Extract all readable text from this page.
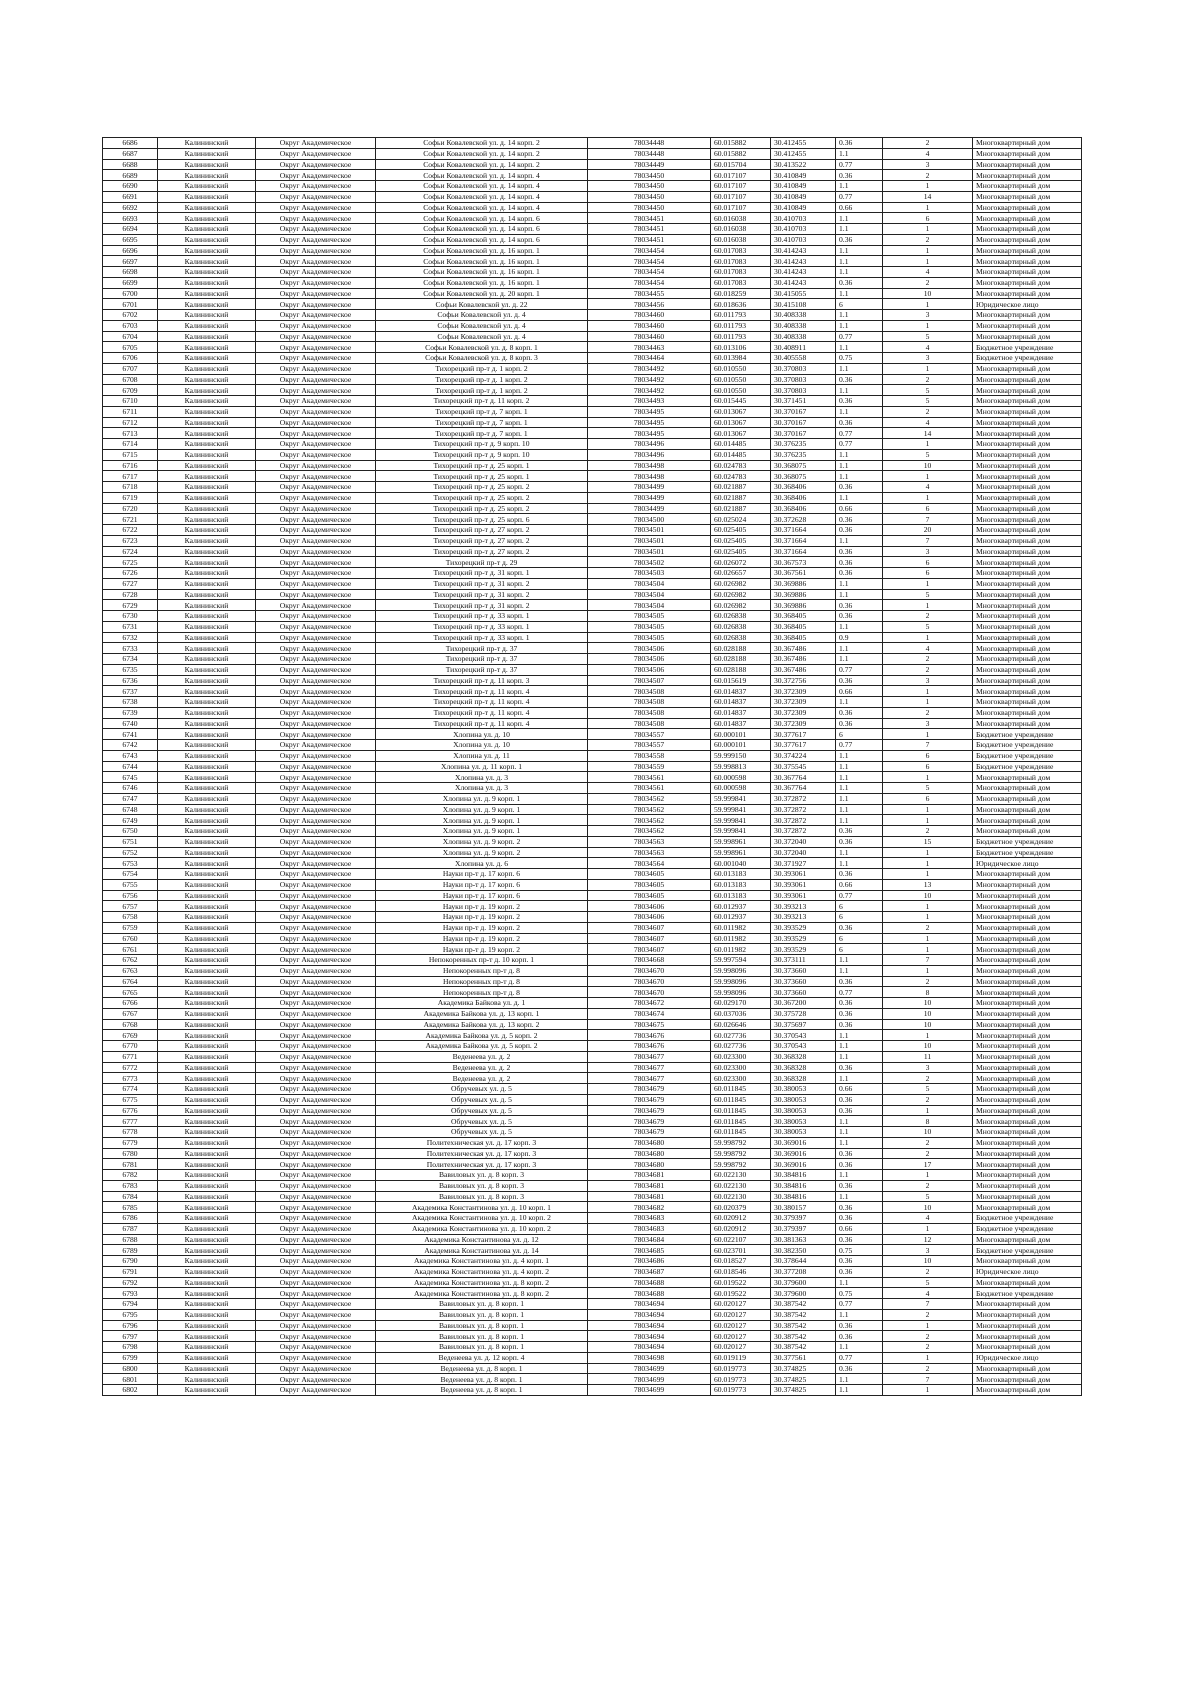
6686	Калининский	Округ Академическое	Софьи Ковалевской ул. д. 14 корп. 2	78034448	60.015882	30.412455	0.36	2	Многоквартирный дом
6687	Калининский	Округ Академическое	Софьи Ковалевской ул. д. 14 корп. 2	78034448	60.015882	30.412455	1.1	4	Многоквартирный дом
6688	Калининский	Округ Академическое	Софьи Ковалевской ул. д. 14 корп. 2	78034449	60.015704	30.413522	0.77	3	Многоквартирный дом
6689	Калининский	Округ Академическое	Софьи Ковалевской ул. д. 14 корп. 4	78034450	60.017107	30.410849	0.36	2	Многоквартирный дом
6690	Калининский	Округ Академическое	Софьи Ковалевской ул. д. 14 корп. 4	78034450	60.017107	30.410849	1.1	1	Многоквартирный дом
6691	Калининский	Округ Академическое	Софьи Ковалевской ул. д. 14 корп. 4	78034450	60.017107	30.410849	0.77	14	Многоквартирный дом
6692	Калининский	Округ Академическое	Софьи Ковалевской ул. д. 14 корп. 4	78034450	60.017107	30.410849	0.66	1	Многоквартирный дом
6693	Калининский	Округ Академическое	Софьи Ковалевской ул. д. 14 корп. 6	78034451	60.016038	30.410703	1.1	6	Многоквартирный дом
6694	Калининский	Округ Академическое	Софьи Ковалевской ул. д. 14 корп. 6	78034451	60.016038	30.410703	1.1	1	Многоквартирный дом
6695	Калининский	Округ Академическое	Софьи Ковалевской ул. д. 14 корп. 6	78034451	60.016038	30.410703	0.36	2	Многоквартирный дом
6696	Калининский	Округ Академическое	Софьи Ковалевской ул. д. 16 корп. 1	78034454	60.017083	30.414243	1.1	1	Многоквартирный дом
6697	Калининский	Округ Академическое	Софьи Ковалевской ул. д. 16 корп. 1	78034454	60.017083	30.414243	1.1	1	Многоквартирный дом
6698	Калининский	Округ Академическое	Софьи Ковалевской ул. д. 16 корп. 1	78034454	60.017083	30.414243	1.1	4	Многоквартирный дом
6699	Калининский	Округ Академическое	Софьи Ковалевской ул. д. 16 корп. 1	78034454	60.017083	30.414243	0.36	2	Многоквартирный дом
6700	Калининский	Округ Академическое	Софьи Ковалевской ул. д. 20 корп. 1	78034455	60.018259	30.415055	1.1	10	Многоквартирный дом
6701	Калининский	Округ Академическое	Софьи Ковалевской ул. д. 22	78034456	60.018636	30.415108	6	1	Юридическое лицо
6702	Калининский	Округ Академическое	Софьи Ковалевской ул. д. 4	78034460	60.011793	30.408338	1.1	3	Многоквартирный дом
6703	Калининский	Округ Академическое	Софьи Ковалевской ул. д. 4	78034460	60.011793	30.408338	1.1	1	Многоквартирный дом
6704	Калининский	Округ Академическое	Софьи Ковалевской ул. д. 4	78034460	60.011793	30.408338	0.77	5	Многоквартирный дом
6705	Калининский	Округ Академическое	Софьи Ковалевской ул. д. 8 корп. 1	78034463	60.013106	30.408911	1.1	4	Бюджетное учреждение
6706	Калининский	Округ Академическое	Софьи Ковалевской ул. д. 8 корп. 3	78034464	60.013984	30.405558	0.75	3	Бюджетное учреждение
6707	Калининский	Округ Академическое	Тихорецкий пр-т д. 1 корп. 2	78034492	60.010550	30.370803	1.1	1	Многоквартирный дом
6708	Калининский	Округ Академическое	Тихорецкий пр-т д. 1 корп. 2	78034492	60.010550	30.370803	0.36	2	Многоквартирный дом
6709	Калининский	Округ Академическое	Тихорецкий пр-т д. 1 корп. 2	78034492	60.010550	30.370803	1.1	5	Многоквартирный дом
6710	Калининский	Округ Академическое	Тихорецкий пр-т д. 11 корп. 2	78034493	60.015445	30.371451	0.36	5	Многоквартирный дом
6711	Калининский	Округ Академическое	Тихорецкий пр-т д. 7 корп. 1	78034495	60.013067	30.370167	1.1	2	Многоквартирный дом
6712	Калининский	Округ Академическое	Тихорецкий пр-т д. 7 корп. 1	78034495	60.013067	30.370167	0.36	4	Многоквартирный дом
6713	Калининский	Округ Академическое	Тихорецкий пр-т д. 7 корп. 1	78034495	60.013067	30.370167	0.77	14	Многоквартирный дом
6714	Калининский	Округ Академическое	Тихорецкий пр-т д. 9 корп. 10	78034496	60.014485	30.376235	0.77	1	Многоквартирный дом
6715	Калининский	Округ Академическое	Тихорецкий пр-т д. 9 корп. 10	78034496	60.014485	30.376235	1.1	5	Многоквартирный дом
6716	Калининский	Округ Академическое	Тихорецкий пр-т д. 25 корп. 1	78034498	60.024783	30.368075	1.1	10	Многоквартирный дом
6717	Калининский	Округ Академическое	Тихорецкий пр-т д. 25 корп. 1	78034498	60.024783	30.368075	1.1	1	Многоквартирный дом
6718	Калининский	Округ Академическое	Тихорецкий пр-т д. 25 корп. 2	78034499	60.021887	30.368406	0.36	4	Многоквартирный дом
6719	Калининский	Округ Академическое	Тихорецкий пр-т д. 25 корп. 2	78034499	60.021887	30.368406	1.1	1	Многоквартирный дом
6720	Калининский	Округ Академическое	Тихорецкий пр-т д. 25 корп. 2	78034499	60.021887	30.368406	0.66	6	Многоквартирный дом
6721	Калининский	Округ Академическое	Тихорецкий пр-т д. 25 корп. 6	78034500	60.025024	30.372628	0.36	7	Многоквартирный дом
6722	Калининский	Округ Академическое	Тихорецкий пр-т д. 27 корп. 2	78034501	60.025405	30.371664	0.36	20	Многоквартирный дом
6723	Калининский	Округ Академическое	Тихорецкий пр-т д. 27 корп. 2	78034501	60.025405	30.371664	1.1	7	Многоквартирный дом
6724	Калининский	Округ Академическое	Тихорецкий пр-т д. 27 корп. 2	78034501	60.025405	30.371664	0.36	3	Многоквартирный дом
6725	Калининский	Округ Академическое	Тихорецкий пр-т д. 29	78034502	60.026072	30.367573	0.36	6	Многоквартирный дом
6726	Калининский	Округ Академическое	Тихорецкий пр-т д. 31 корп. 1	78034503	60.026657	30.367561	0.36	6	Многоквартирный дом
6727	Калининский	Округ Академическое	Тихорецкий пр-т д. 31 корп. 2	78034504	60.026982	30.369886	1.1	1	Многоквартирный дом
6728	Калининский	Округ Академическое	Тихорецкий пр-т д. 31 корп. 2	78034504	60.026982	30.369886	1.1	5	Многоквартирный дом
6729	Калининский	Округ Академическое	Тихорецкий пр-т д. 31 корп. 2	78034504	60.026982	30.369886	0.36	1	Многоквартирный дом
6730	Калининский	Округ Академическое	Тихорецкий пр-т д. 33 корп. 1	78034505	60.026838	30.368405	0.36	2	Многоквартирный дом
6731	Калининский	Округ Академическое	Тихорецкий пр-т д. 33 корп. 1	78034505	60.026838	30.368405	1.1	5	Многоквартирный дом
6732	Калининский	Округ Академическое	Тихорецкий пр-т д. 33 корп. 1	78034505	60.026838	30.368405	0.9	1	Многоквартирный дом
6733	Калининский	Округ Академическое	Тихорецкий пр-т д. 37	78034506	60.028188	30.367486	1.1	4	Многоквартирный дом
6734	Калининский	Округ Академическое	Тихорецкий пр-т д. 37	78034506	60.028188	30.367486	1.1	2	Многоквартирный дом
6735	Калининский	Округ Академическое	Тихорецкий пр-т д. 37	78034506	60.028188	30.367486	0.77	2	Многоквартирный дом
6736	Калининский	Округ Академическое	Тихорецкий пр-т д. 11 корп. 3	78034507	60.015619	30.372756	0.36	3	Многоквартирный дом
6737	Калининский	Округ Академическое	Тихорецкий пр-т д. 11 корп. 4	78034508	60.014837	30.372309	0.66	1	Многоквартирный дом
6738	Калининский	Округ Академическое	Тихорецкий пр-т д. 11 корп. 4	78034508	60.014837	30.372309	1.1	1	Многоквартирный дом
6739	Калининский	Округ Академическое	Тихорецкий пр-т д. 11 корп. 4	78034508	60.014837	30.372309	0.36	2	Многоквартирный дом
6740	Калининский	Округ Академическое	Тихорецкий пр-т д. 11 корп. 4	78034508	60.014837	30.372309	0.36	3	Многоквартирный дом
6741	Калининский	Округ Академическое	Хлопина ул. д. 10	78034557	60.000101	30.377617	6	1	Бюджетное учреждение
6742	Калининский	Округ Академическое	Хлопина ул. д. 10	78034557	60.000101	30.377617	0.77	7	Бюджетное учреждение
6743	Калининский	Округ Академическое	Хлопина ул. д. 11	78034558	59.999150	30.374224	1.1	6	Бюджетное учреждение
6744	Калининский	Округ Академическое	Хлопина ул. д. 11 корп. 1	78034559	59.998813	30.375545	1.1	6	Бюджетное учреждение
6745	Калининский	Округ Академическое	Хлопина ул. д. 3	78034561	60.000598	30.367764	1.1	1	Многоквартирный дом
6746	Калининский	Округ Академическое	Хлопина ул. д. 3	78034561	60.000598	30.367764	1.1	5	Многоквартирный дом
6747	Калининский	Округ Академическое	Хлопина ул. д. 9 корп. 1	78034562	59.999841	30.372872	1.1	6	Многоквартирный дом
6748	Калининский	Округ Академическое	Хлопина ул. д. 9 корп. 1	78034562	59.999841	30.372872	1.1	1	Многоквартирный дом
6749	Калининский	Округ Академическое	Хлопина ул. д. 9 корп. 1	78034562	59.999841	30.372872	1.1	1	Многоквартирный дом
6750	Калининский	Округ Академическое	Хлопина ул. д. 9 корп. 1	78034562	59.999841	30.372872	0.36	2	Многоквартирный дом
6751	Калининский	Округ Академическое	Хлопина ул. д. 9 корп. 2	78034563	59.998961	30.372040	0.36	15	Бюджетное учреждение
6752	Калининский	Округ Академическое	Хлопина ул. д. 9 корп. 2	78034563	59.998961	30.372040	1.1	1	Бюджетное учреждение
6753	Калининский	Округ Академическое	Хлопина ул. д. 6	78034564	60.001040	30.371927	1.1	1	Юридическое лицо
6754	Калининский	Округ Академическое	Науки пр-т д. 17 корп. 6	78034605	60.013183	30.393061	0.36	1	Многоквартирный дом
6755	Калининский	Округ Академическое	Науки пр-т д. 17 корп. 6	78034605	60.013183	30.393061	0.66	13	Многоквартирный дом
6756	Калининский	Округ Академическое	Науки пр-т д. 17 корп. 6	78034605	60.013183	30.393061	0.77	10	Многоквартирный дом
6757	Калининский	Округ Академическое	Науки пр-т д. 19 корп. 2	78034606	60.012937	30.393213	6	1	Многоквартирный дом
6758	Калининский	Округ Академическое	Науки пр-т д. 19 корп. 2	78034606	60.012937	30.393213	6	1	Многоквартирный дом
6759	Калининский	Округ Академическое	Науки пр-т д. 19 корп. 2	78034607	60.011982	30.393529	0.36	2	Многоквартирный дом
6760	Калининский	Округ Академическое	Науки пр-т д. 19 корп. 2	78034607	60.011982	30.393529	6	1	Многоквартирный дом
6761	Калининский	Округ Академическое	Науки пр-т д. 19 корп. 2	78034607	60.011982	30.393529	6	1	Многоквартирный дом
6762	Калининский	Округ Академическое	Непокоренных пр-т д. 10 корп. 1	78034668	59.997594	30.373111	1.1	7	Многоквартирный дом
6763	Калининский	Округ Академическое	Непокоренных пр-т д. 8	78034670	59.998096	30.373660	1.1	1	Многоквартирный дом
6764	Калининский	Округ Академическое	Непокоренных пр-т д. 8	78034670	59.998096	30.373660	0.36	2	Многоквартирный дом
6765	Калининский	Округ Академическое	Непокоренных пр-т д. 8	78034670	59.998096	30.373660	0.77	8	Многоквартирный дом
6766	Калининский	Округ Академическое	Академика Байкова ул. д. 1	78034672	60.029170	30.367200	0.36	10	Многоквартирный дом
6767	Калининский	Округ Академическое	Академика Байкова ул. д. 13 корп. 1	78034674	60.037036	30.375728	0.36	10	Многоквартирный дом
6768	Калининский	Округ Академическое	Академика Байкова ул. д. 13 корп. 2	78034675	60.026646	30.375697	0.36	10	Многоквартирный дом
6769	Калининский	Округ Академическое	Академика Байкова ул. д. 5 корп. 2	78034676	60.027736	30.370543	1.1	1	Многоквартирный дом
6770	Калининский	Округ Академическое	Академика Байкова ул. д. 5 корп. 2	78034676	60.027736	30.370543	1.1	10	Многоквартирный дом
6771	Калининский	Округ Академическое	Веденеева ул. д. 2	78034677	60.023300	30.368328	1.1	11	Многоквартирный дом
6772	Калининский	Округ Академическое	Веденеева ул. д. 2	78034677	60.023300	30.368328	0.36	3	Многоквартирный дом
6773	Калининский	Округ Академическое	Веденеева ул. д. 2	78034677	60.023300	30.368328	1.1	2	Многоквартирный дом
6774	Калининский	Округ Академическое	Обручевых ул. д. 5	78034679	60.011845	30.380053	0.66	5	Многоквартирный дом
6775	Калининский	Округ Академическое	Обручевых ул. д. 5	78034679	60.011845	30.380053	0.36	2	Многоквартирный дом
6776	Калининский	Округ Академическое	Обручевых ул. д. 5	78034679	60.011845	30.380053	0.36	1	Многоквартирный дом
6777	Калининский	Округ Академическое	Обручевых ул. д. 5	78034679	60.011845	30.380053	1.1	8	Многоквартирный дом
6778	Калининский	Округ Академическое	Обручевых ул. д. 5	78034679	60.011845	30.380053	1.1	10	Многоквартирный дом
6779	Калининский	Округ Академическое	Политехническая ул. д. 17 корп. 3	78034680	59.998792	30.369016	1.1	2	Многоквартирный дом
6780	Калининский	Округ Академическое	Политехническая ул. д. 17 корп. 3	78034680	59.998792	30.369016	0.36	2	Многоквартирный дом
6781	Калининский	Округ Академическое	Политехническая ул. д. 17 корп. 3	78034680	59.998792	30.369016	0.36	17	Многоквартирный дом
6782	Калининский	Округ Академическое	Вавиловых ул. д. 8 корп. 3	78034681	60.022130	30.384816	1.1	1	Многоквартирный дом
6783	Калининский	Округ Академическое	Вавиловых ул. д. 8 корп. 3	78034681	60.022130	30.384816	0.36	2	Многоквартирный дом
6784	Калининский	Округ Академическое	Вавиловых ул. д. 8 корп. 3	78034681	60.022130	30.384816	1.1	5	Многоквартирный дом
6785	Калининский	Округ Академическое	Академика Константинова ул. д. 10 корп. 1	78034682	60.020379	30.380157	0.36	10	Многоквартирный дом
6786	Калининский	Округ Академическое	Академика Константинова ул. д. 10 корп. 2	78034683	60.020912	30.379397	0.36	4	Бюджетное учреждение
6787	Калининский	Округ Академическое	Академика Константинова ул. д. 10 корп. 2	78034683	60.020912	30.379397	0.66	1	Бюджетное учреждение
6788	Калининский	Округ Академическое	Академика Константинова ул. д. 12	78034684	60.022107	30.381363	0.36	12	Многоквартирный дом
6789	Калининский	Округ Академическое	Академика Константинова ул. д. 14	78034685	60.023701	30.382350	0.75	3	Бюджетное учреждение
6790	Калининский	Округ Академическое	Академика Константинова ул. д. 4 корп. 1	78034686	60.018527	30.378644	0.36	10	Многоквартирный дом
6791	Калининский	Округ Академическое	Академика Константинова ул. д. 4 корп. 2	78034687	60.018546	30.377208	0.36	2	Юридическое лицо
6792	Калининский	Округ Академическое	Академика Константинова ул. д. 8 корп. 2	78034688	60.019522	30.379600	1.1	5	Многоквартирный дом
6793	Калининский	Округ Академическое	Академика Константинова ул. д. 8 корп. 2	78034688	60.019522	30.379600	0.75	4	Бюджетное учреждение
6794	Калининский	Округ Академическое	Вавиловых ул. д. 8 корп. 1	78034694	60.020127	30.387542	0.77	7	Многоквартирный дом
6795	Калининский	Округ Академическое	Вавиловых ул. д. 8 корп. 1	78034694	60.020127	30.387542	1.1	2	Многоквартирный дом
6796	Калининский	Округ Академическое	Вавиловых ул. д. 8 корп. 1	78034694	60.020127	30.387542	0.36	1	Многоквартирный дом
6797	Калининский	Округ Академическое	Вавиловых ул. д. 8 корп. 1	78034694	60.020127	30.387542	0.36	2	Многоквартирный дом
6798	Калининский	Округ Академическое	Вавиловых ул. д. 8 корп. 1	78034694	60.020127	30.387542	1.1	2	Многоквартирный дом
6799	Калининский	Округ Академическое	Веденеева ул. д. 12 корп. 4	78034698	60.019119	30.377561	0.77	1	Юридическое лицо
6800	Калининский	Округ Академическое	Веденеева ул. д. 8 корп. 1	78034699	60.019773	30.374825	0.36	2	Многоквартирный дом
6801	Калининский	Округ Академическое	Веденеева ул. д. 8 корп. 1	78034699	60.019773	30.374825	1.1	7	Многоквартирный дом
6802	Калининский	Округ Академическое	Веденеева ул. д. 8 корп. 1	78034699	60.019773	30.374825	1.1	1	Многоквартирный дом
